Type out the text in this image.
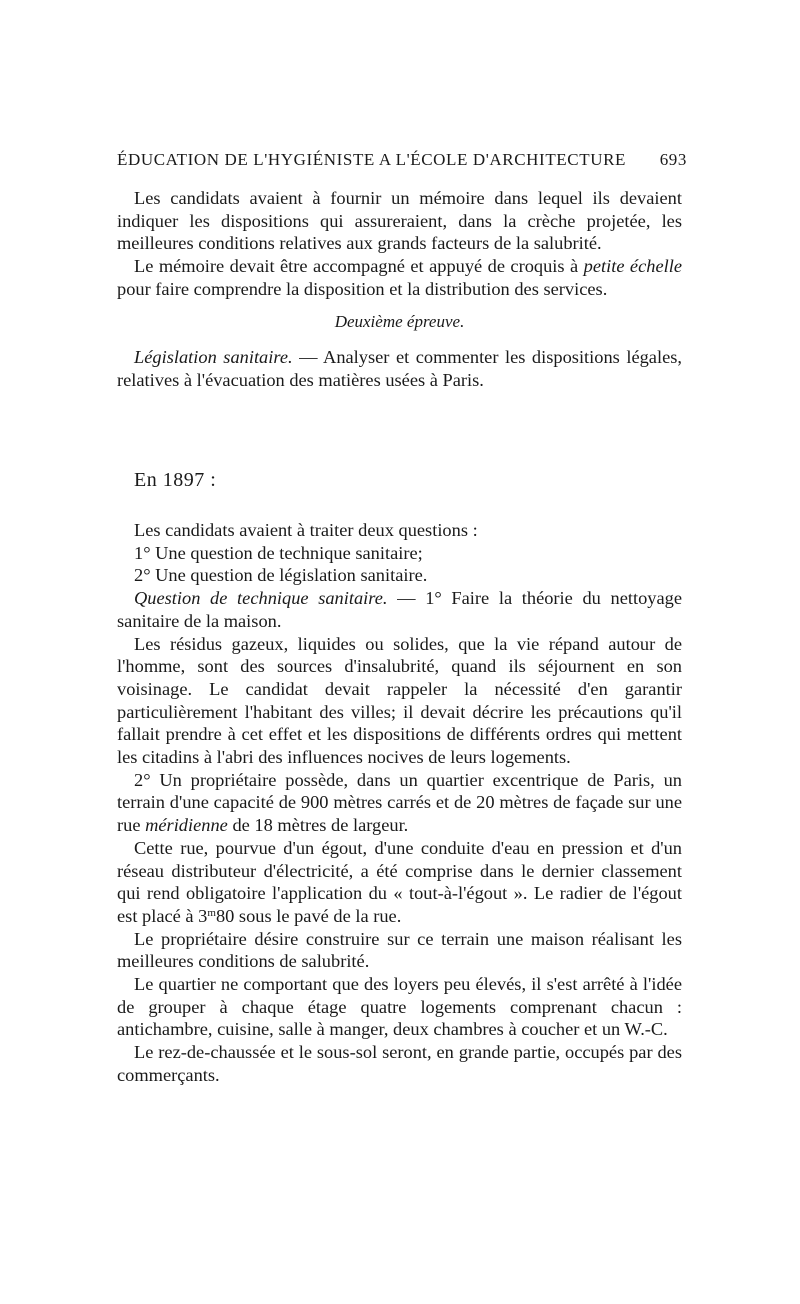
ÉDUCATION DE L'HYGIÉNISTE A L'ÉCOLE D'ARCHITECTURE 693

Les candidats avaient à fournir un mémoire dans lequel ils devaient indiquer les dispositions qui assureraient, dans la crèche projetée, les meilleures conditions relatives aux grands facteurs de la salubrité.

Le mémoire devait être accompagné et appuyé de croquis à petite échelle pour faire comprendre la disposition et la distribution des services.

Deuxième épreuve.

Législation sanitaire. — Analyser et commenter les dispositions légales, relatives à l'évacuation des matières usées à Paris.

En 1897 :

Les candidats avaient à traiter deux questions :

1° Une question de technique sanitaire;

2° Une question de législation sanitaire.

Question de technique sanitaire. — 1° Faire la théorie du nettoyage sanitaire de la maison.

Les résidus gazeux, liquides ou solides, que la vie répand autour de l'homme, sont des sources d'insalubrité, quand ils séjournent en son voisinage. Le candidat devait rappeler la nécessité d'en garantir particulièrement l'habitant des villes; il devait décrire les précautions qu'il fallait prendre à cet effet et les dispositions de différents ordres qui mettent les citadins à l'abri des influences nocives de leurs logements.

2° Un propriétaire possède, dans un quartier excentrique de Paris, un terrain d'une capacité de 900 mètres carrés et de 20 mètres de façade sur une rue méridienne de 18 mètres de largeur.

Cette rue, pourvue d'un égout, d'une conduite d'eau en pression et d'un réseau distributeur d'électricité, a été comprise dans le dernier classement qui rend obligatoire l'application du « tout-à-l'égout ». Le radier de l'égout est placé à 3$^m$80 sous le pavé de la rue.

Le propriétaire désire construire sur ce terrain une maison réalisant les meilleures conditions de salubrité.

Le quartier ne comportant que des loyers peu élevés, il s'est arrêté à l'idée de grouper à chaque étage quatre logements comprenant chacun : antichambre, cuisine, salle à manger, deux chambres à coucher et un W.-C.

Le rez-de-chaussée et le sous-sol seront, en grande partie, occupés par des commerçants.
